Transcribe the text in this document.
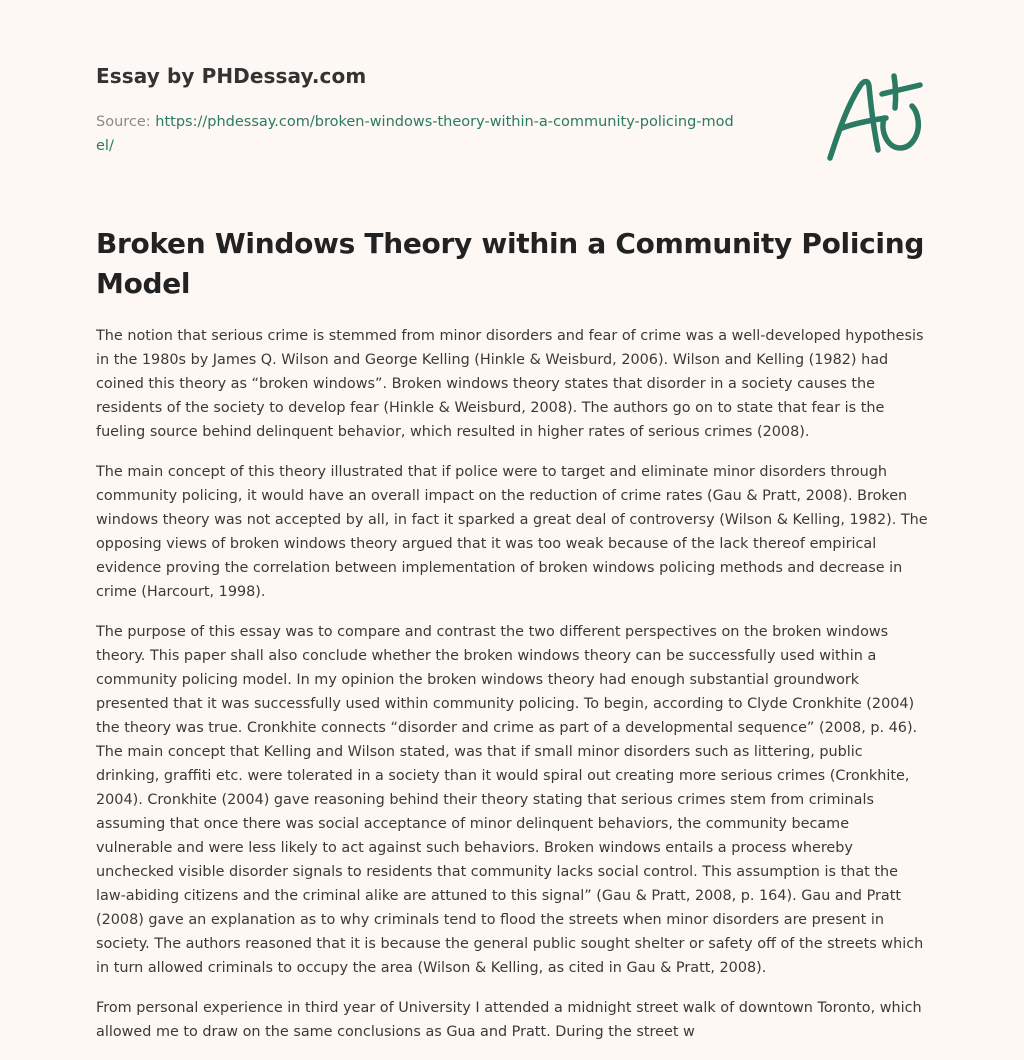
Essay by PHDessay.com
Source: https://phdessay.com/broken-windows-theory-within-a-community-policing-model/
Broken Windows Theory within a Community Policing Model

The notion that serious crime is stemmed from minor disorders and fear of crime was a well-developed hypothesis in the 1980s by James Q. Wilson and George Kelling (Hinkle & Weisburd, 2006). Wilson and Kelling (1982) had coined this theory as “broken windows”. Broken windows theory states that disorder in a society causes the residents of the society to develop fear (Hinkle & Weisburd, 2008). The authors go on to state that fear is the fueling source behind delinquent behavior, which resulted in higher rates of serious crimes (2008).

The main concept of this theory illustrated that if police were to target and eliminate minor disorders through community policing, it would have an overall impact on the reduction of crime rates (Gau & Pratt, 2008). Broken windows theory was not accepted by all, in fact it sparked a great deal of controversy (Wilson & Kelling, 1982). The opposing views of broken windows theory argued that it was too weak because of the lack thereof empirical evidence proving the correlation between implementation of broken windows policing methods and decrease in crime (Harcourt, 1998).

The purpose of this essay was to compare and contrast the two different perspectives on the broken windows theory. This paper shall also conclude whether the broken windows theory can be successfully used within a community policing model. In my opinion the broken windows theory had enough substantial groundwork presented that it was successfully used within community policing. To begin, according to Clyde Cronkhite (2004) the theory was true. Cronkhite connects “disorder and crime as part of a developmental sequence” (2008, p. 46). The main concept that Kelling and Wilson stated, was that if small minor disorders such as littering, public drinking, graffiti etc. were tolerated in a society than it would spiral out creating more serious crimes (Cronkhite, 2004). Cronkhite (2004) gave reasoning behind their theory stating that serious crimes stem from criminals assuming that once there was social acceptance of minor delinquent behaviors, the community became vulnerable and were less likely to act against such behaviors. Broken windows entails a process whereby unchecked visible disorder signals to residents that community lacks social control. This assumption is that the law-abiding citizens and the criminal alike are attuned to this signal” (Gau & Pratt, 2008, p. 164). Gau and Pratt (2008) gave an explanation as to why criminals tend to flood the streets when minor disorders are present in society. The authors reasoned that it is because the general public sought shelter or safety off of the streets which in turn allowed criminals to occupy the area (Wilson & Kelling, as cited in Gau & Pratt, 2008).

From personal experience in third year of University I attended a midnight street walk of downtown Toronto, which allowed me to draw on the same conclusions as Gua and Pratt. During the street w
